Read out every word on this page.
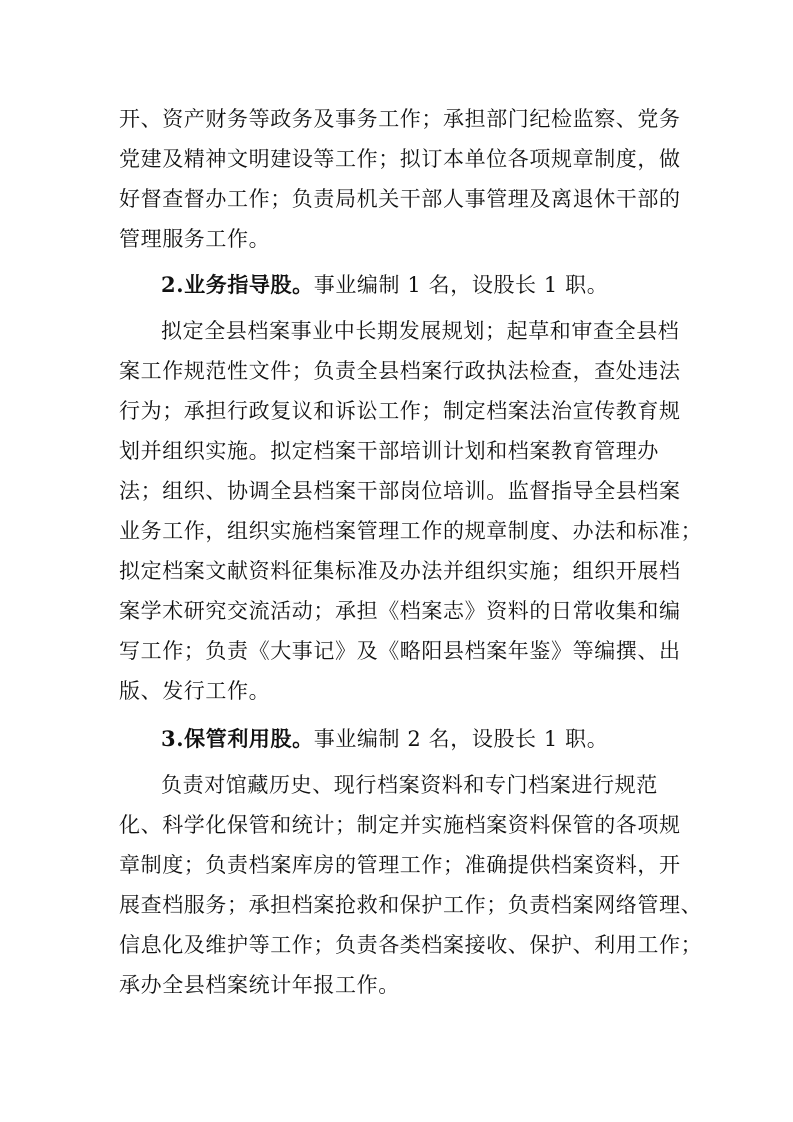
开、资产财务等政务及事务工作；承担部门纪检监察、党务
党建及精神文明建设等工作；拟订本单位各项规章制度，做
好督查督办工作；负责局机关干部人事管理及离退休干部的
管理服务工作。
2.业务指导股。事业编制 1 名，设股长 1 职。
拟定全县档案事业中长期发展规划；起草和审查全县档
案工作规范性文件；负责全县档案行政执法检查，查处违法
行为；承担行政复议和诉讼工作；制定档案法治宣传教育规
划并组织实施。拟定档案干部培训计划和档案教育管理办
法；组织、协调全县档案干部岗位培训。监督指导全县档案
业务工作，组织实施档案管理工作的规章制度、办法和标准；
拟定档案文献资料征集标准及办法并组织实施；组织开展档
案学术研究交流活动；承担《档案志》资料的日常收集和编
写工作；负责《大事记》及《略阳县档案年鉴》等编撰、出
版、发行工作。
3.保管利用股。事业编制 2 名，设股长 1 职。
负责对馆藏历史、现行档案资料和专门档案进行规范
化、科学化保管和统计；制定并实施档案资料保管的各项规
章制度；负责档案库房的管理工作；准确提供档案资料，开
展查档服务；承担档案抢救和保护工作；负责档案网络管理、
信息化及维护等工作；负责各类档案接收、保护、利用工作；
承办全县档案统计年报工作。
